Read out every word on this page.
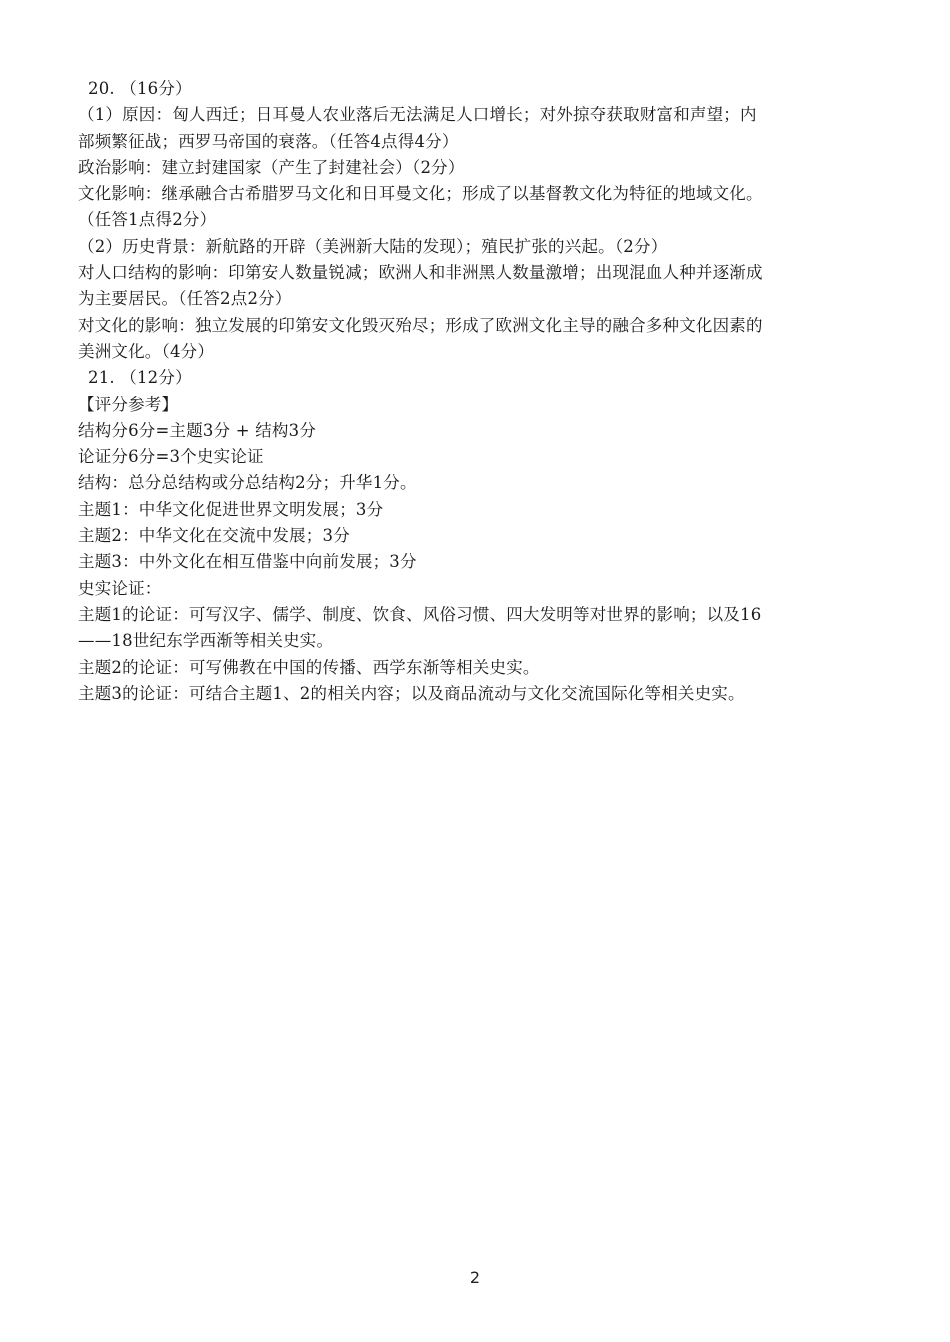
20. （16分）
（1）原因：匈人西迁；日耳曼人农业落后无法满足人口增长；对外掠夺获取财富和声望；内
部频繁征战；西罗马帝国的衰落。（任答4点得4分）
政治影响：建立封建国家（产生了封建社会）（2分）
文化影响：继承融合古希腊罗马文化和日耳曼文化；形成了以基督教文化为特征的地域文化。
（任答1点得2分）
（2）历史背景：新航路的开辟（美洲新大陆的发现）；殖民扩张的兴起。（2分）
对人口结构的影响：印第安人数量锐减；欧洲人和非洲黑人数量激增；出现混血人种并逐渐成
为主要居民。（任答2点2分）
对文化的影响：独立发展的印第安文化毁灭殆尽；形成了欧洲文化主导的融合多种文化因素的
美洲文化。（4分）
21. （12分）
【评分参考】
结构分6分=主题3分 + 结构3分
论证分6分=3个史实论证
结构：总分总结构或分总结构2分；升华1分。
主题1：中华文化促进世界文明发展；3分
主题2：中华文化在交流中发展；3分
主题3：中外文化在相互借鉴中向前发展；3分
史实论证：
主题1的论证：可写汉字、儒学、制度、饮食、风俗习惯、四大发明等对世界的影响；以及16
——18世纪东学西渐等相关史实。
主题2的论证：可写佛教在中国的传播、西学东渐等相关史实。
主题3的论证：可结合主题1、2的相关内容；以及商品流动与文化交流国际化等相关史实。
2
